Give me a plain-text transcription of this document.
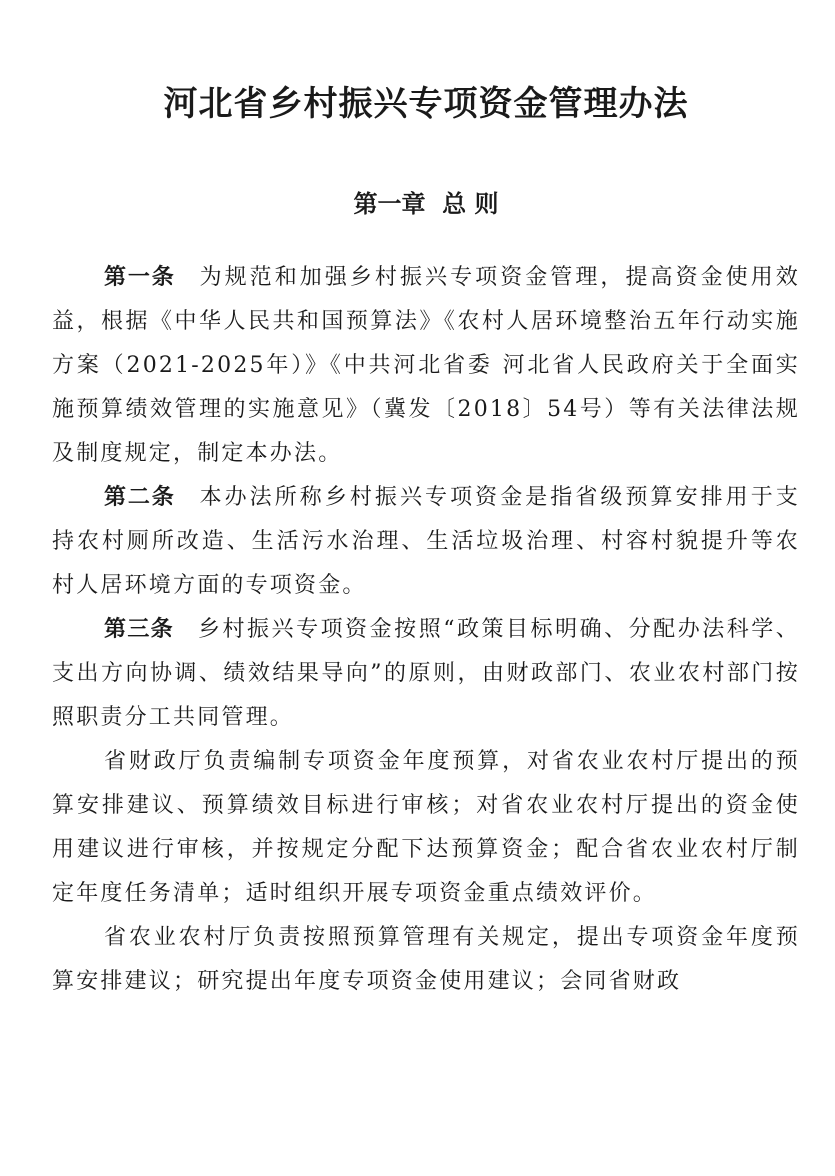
河北省乡村振兴专项资金管理办法
第一章  总 则

第一条 为规范和加强乡村振兴专项资金管理，提高资金使用效益，根据《中华人民共和国预算法》《农村人居环境整治五年行动实施方案（2021-2025年）》《中共河北省委 河北省人民政府关于全面实施预算绩效管理的实施意见》（冀发〔2018〕54号）等有关法律法规及制度规定，制定本办法。

第二条 本办法所称乡村振兴专项资金是指省级预算安排用于支持农村厕所改造、生活污水治理、生活垃圾治理、村容村貌提升等农村人居环境方面的专项资金。

第三条 乡村振兴专项资金按照“政策目标明确、分配办法科学、支出方向协调、绩效结果导向”的原则，由财政部门、农业农村部门按照职责分工共同管理。

省财政厅负责编制专项资金年度预算，对省农业农村厅提出的预算安排建议、预算绩效目标进行审核；对省农业农村厅提出的资金使用建议进行审核，并按规定分配下达预算资金；配合省农业农村厅制定年度任务清单；适时组织开展专项资金重点绩效评价。

省农业农村厅负责按照预算管理有关规定，提出专项资金年度预算安排建议；研究提出年度专项资金使用建议；会同省财政
